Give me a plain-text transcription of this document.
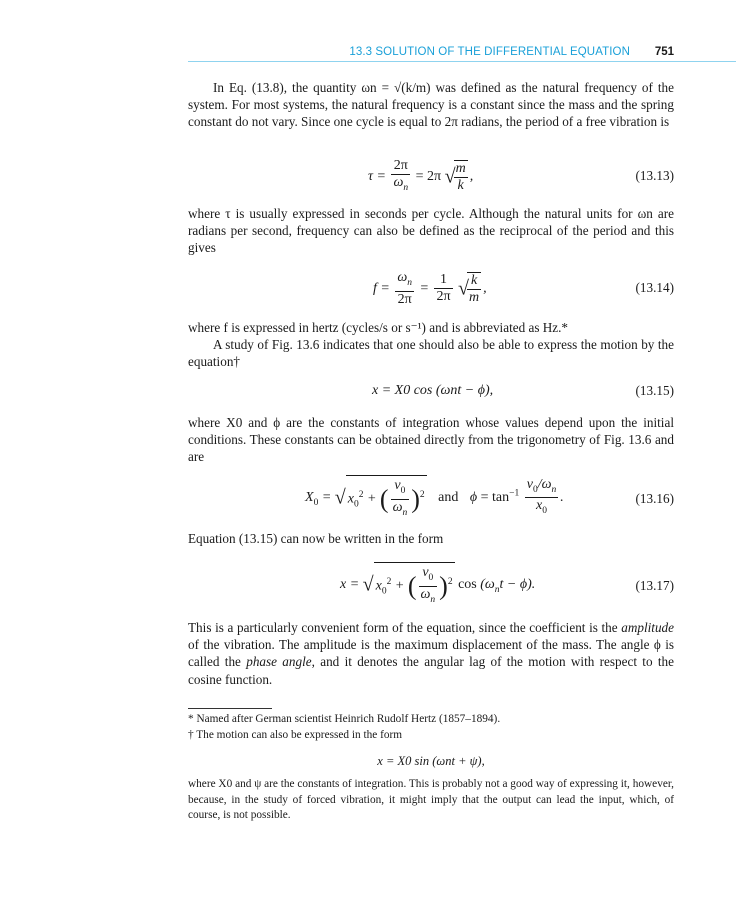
13.3 SOLUTION OF THE DIFFERENTIAL EQUATION 751

In Eq. (13.8), the quantity ωn = √(k/m) was defined as the natural frequency of the system. For most systems, the natural frequency is a constant since the mass and the spring constant do not vary. Since one cycle is equal to 2π radians, the period of a free vibration is

$\tau = \frac{2\pi}{\omega_n} = 2\pi$ √
$\frac{m}{k}$ ,	(13.13)

where τ is usually expressed in seconds per cycle. Although the natural units for ωn are radians per second, frequency can also be defined as the reciprocal of the period and this gives

$f = \frac{\omega_n}{2\pi} = \frac{1}{2\pi}$ √
$\frac{k}{m}$ ,	(13.14)

where f is expressed in hertz (cycles/s or s⁻¹) and is abbreviated as Hz.*

A study of Fig. 13.6 indicates that one should also be able to express the motion by the equation†

x = X0 cos (ωnt − ϕ),	(13.15)

where X0 and ϕ are the constants of integration whose values depend upon the initial conditions. These constants can be obtained directly from the trigonometry of Fig. 13.6 and are

$X_0$ = √ $x_0^2$ + ( $\frac{v_0}{\omega_n} )^2$ and $\phi = \tan^{-1} \frac{v_0/\omega_n}{x_0}$ .	(13.16)

Equation (13.15) can now be written in the form

x = √ $x_0^2$ + ( $\frac{v_0}{\omega_n} )^2$ $\cos (\omega_nt - \phi)$.	(13.17)

This is a particularly convenient form of the equation, since the coefficient is the amplitude of the vibration. The amplitude is the maximum displacement of the mass. The angle ϕ is called the phase angle, and it denotes the angular lag of the motion with respect to the cosine function.

* Named after German scientist Heinrich Rudolf Hertz (1857–1894).

† The motion can also be expressed in the form

x = X0 sin (ωnt + ψ),

where X0 and ψ are the constants of integration. This is probably not a good way of expressing it, however, because, in the study of forced vibration, it might imply that the output can lead the input, which, of course, is not possible.
